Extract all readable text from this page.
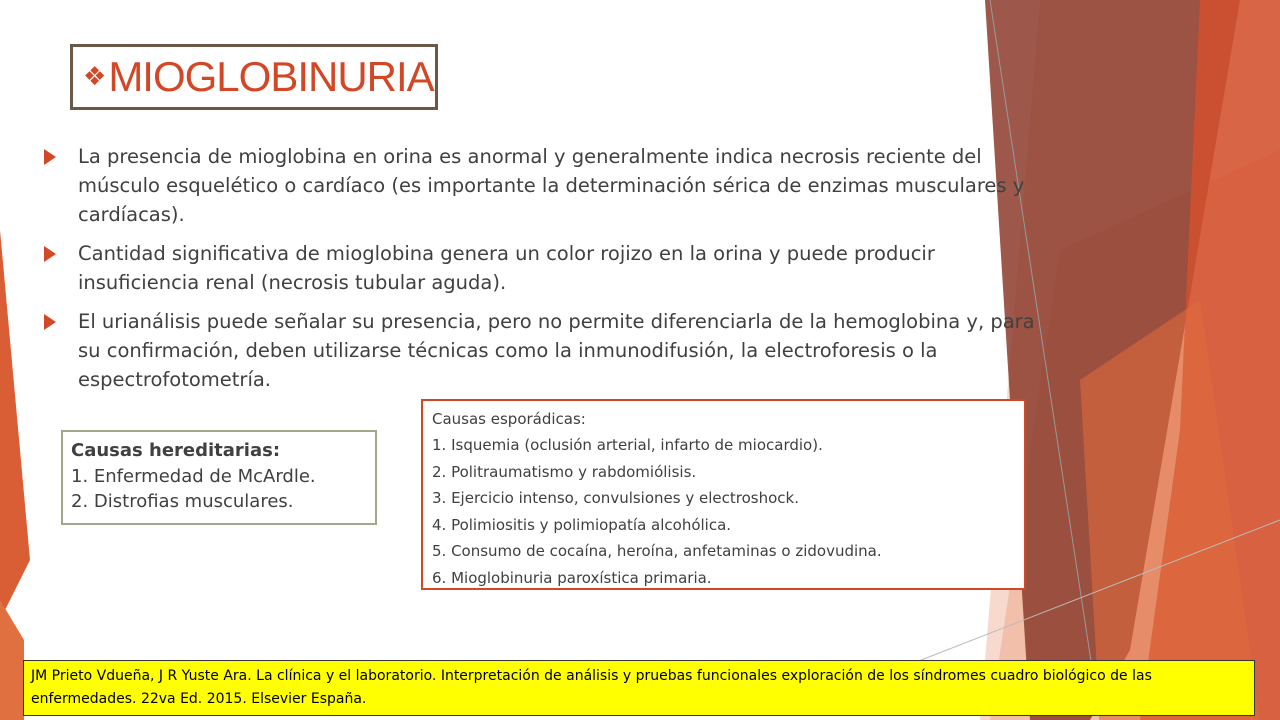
❖ MIOGLOBINURIA
La presencia de mioglobina en orina es anormal y generalmente indica necrosis reciente del músculo esquelético o cardíaco (es importante la determinación sérica de enzimas musculares y cardíacas).
Cantidad significativa de mioglobina genera un color rojizo en la orina y puede producir insuficiencia renal (necrosis tubular aguda).
El urianálisis puede señalar su presencia, pero no permite diferenciarla de la hemoglobina y, para su confirmación, deben utilizarse técnicas como la inmunodifusión, la electroforesis o la espectrofotometría.
Causas hereditarias:
1. Enfermedad de McArdle.
2. Distrofias musculares.
Causas esporádicas:
1. Isquemia (oclusión arterial, infarto de miocardio).
2. Politraumatismo y rabdomiólisis.
3. Ejercicio intenso, convulsiones y electroshock.
4. Polimiositis y polimiopatía alcohólica.
5. Consumo de cocaína, heroína, anfetaminas o zidovudina.
6. Mioglobinuria paroxística primaria.
JM Prieto Vdueña, J R Yuste Ara. La clínica y el laboratorio. Interpretación de análisis y pruebas funcionales exploración de los síndromes cuadro biológico de las enfermedades. 22va Ed. 2015. Elsevier España.
